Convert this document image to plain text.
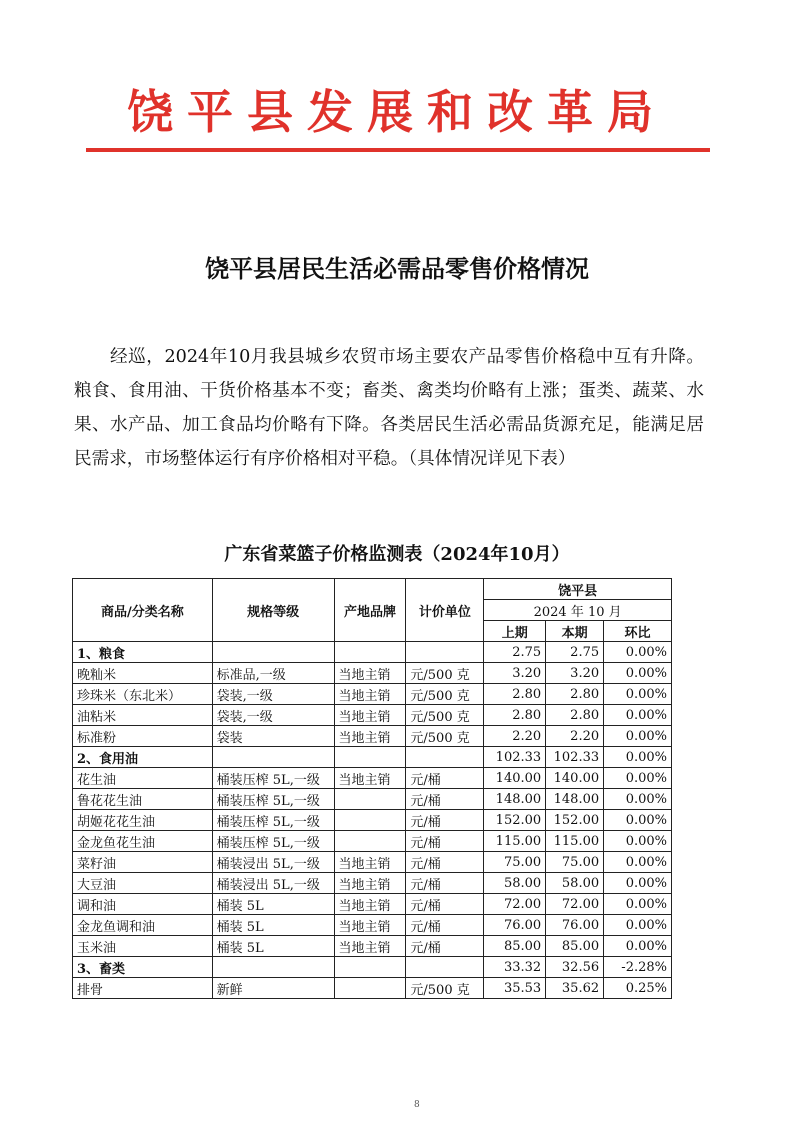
饶平县发展和改革局
饶平县居民生活必需品零售价格情况

经巡，2024年10月我县城乡农贸市场主要农产品零售价格稳中互有升降。粮食、食用油、干货价格基本不变；畜类、禽类均价略有上涨；蛋类、蔬菜、水果、水产品、加工食品均价略有下降。各类居民生活必需品货源充足，能满足居民需求，市场整体运行有序价格相对平稳。（具体情况详见下表）

广东省菜篮子价格监测表（2024年10月）
商品/分类名称	规格等级	产地品牌	计价单位	饶平县		
				2024 年 10 月		
				上期	本期	环比
1、粮食				2.75	2.75	0.00%
晚籼米	标准品,一级	当地主销	元/500 克	3.20	3.20	0.00%
珍珠米（东北米）	袋装,一级	当地主销	元/500 克	2.80	2.80	0.00%
油粘米	袋装,一级	当地主销	元/500 克	2.80	2.80	0.00%
标准粉	袋装	当地主销	元/500 克	2.20	2.20	0.00%
2、食用油				102.33	102.33	0.00%
花生油	桶装压榨 5L,一级	当地主销	元/桶	140.00	140.00	0.00%
鲁花花生油	桶装压榨 5L,一级		元/桶	148.00	148.00	0.00%
胡姬花花生油	桶装压榨 5L,一级		元/桶	152.00	152.00	0.00%
金龙鱼花生油	桶装压榨 5L,一级		元/桶	115.00	115.00	0.00%
菜籽油	桶装浸出 5L,一级	当地主销	元/桶	75.00	75.00	0.00%
大豆油	桶装浸出 5L,一级	当地主销	元/桶	58.00	58.00	0.00%
调和油	桶装 5L	当地主销	元/桶	72.00	72.00	0.00%
金龙鱼调和油	桶装 5L	当地主销	元/桶	76.00	76.00	0.00%
玉米油	桶装 5L	当地主销	元/桶	85.00	85.00	0.00%
3、畜类				33.32	32.56	-2.28%
排骨	新鲜		元/500 克	35.53	35.62	0.25%
8
